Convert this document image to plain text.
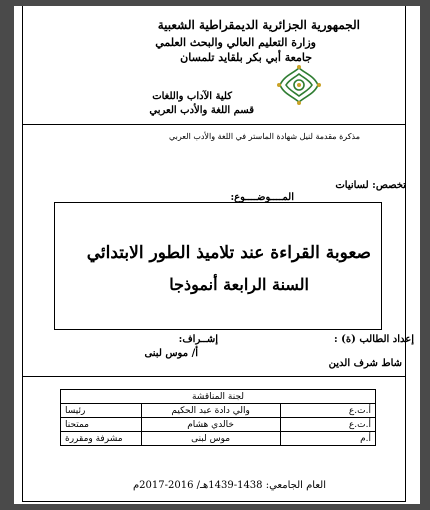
الجمهورية الجزائرية الديمقراطية الشعبية
وزارة التعليم العالي والبحث العلمي
جامعة أبي بكر بلقايد تلمسان
كلية الآداب واللغات
قسم اللغة والأدب العربي
مذكرة مقدمة لنيل شهادة الماستر في اللغة والأدب العربي
تخصص: لسانيات
المــــوضــــوع:
صعوبة القراءة عند تلاميذ الطور الابتدائي
السنة الرابعة أنموذجا
إعداد الطالب (ة) :
إشــراف:
أ/ موس لبنى
شاط شرف الدين
لجنة المناقشة		
أ.ت.ع	والي دادة عبد الحكيم	رئيسا
أ.ت.ع	خالدي هشام	ممتحنا
أ.م	موس لبنى	مشرفة ومقررة
العام الجامعي: 1438-1439هـ/ 2016-2017م
